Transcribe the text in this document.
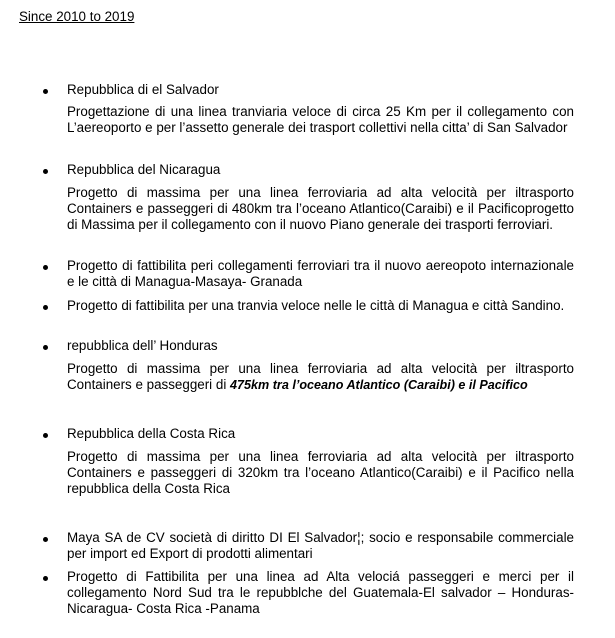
Since 2010 to 2019
Repubblica di el Salvador
Progettazione di una linea tranviaria veloce di circa 25 Km per il collegamento con L’aereoporto e per l’assetto generale dei trasport collettivi nella citta’ di San Salvador
Repubblica del Nicaragua
Progetto di massima per una linea ferroviaria ad alta velocità per iltrasporto Containers e passeggeri di 480km tra l’oceano Atlantico(Caraibi) e il Pacificoprogetto di Massima per il collegamento con il nuovo Piano generale dei trasporti ferroviari.
Progetto di fattibilita peri collegamenti ferroviari tra il nuovo aereopoto internazionale e le città di Managua-Masaya- Granada
Progetto di fattibilita per una tranvia veloce nelle le città di Managua e città Sandino.
repubblica dell’ Honduras
Progetto di massima per una linea ferroviaria ad alta velocità per iltrasporto Containers e passeggeri di 475km tra l’oceano Atlantico (Caraibi) e il Pacifico
Repubblica della Costa Rica
Progetto di massima per una linea ferroviaria ad alta velocità per iltrasporto Containers e passeggeri di 320km tra l’oceano Atlantico(Caraibi) e il Pacifico nella repubblica della Costa Rica
Maya SA de CV società di diritto DI El Salvador¦; socio e responsabile commerciale per import ed Export di prodotti alimentari
Progetto di Fattibilita per una linea ad Alta velociá passeggeri e merci per il collegamento Nord Sud tra le repubblche del Guatemala-El salvador – Honduras-Nicaragua- Costa Rica -Panama
